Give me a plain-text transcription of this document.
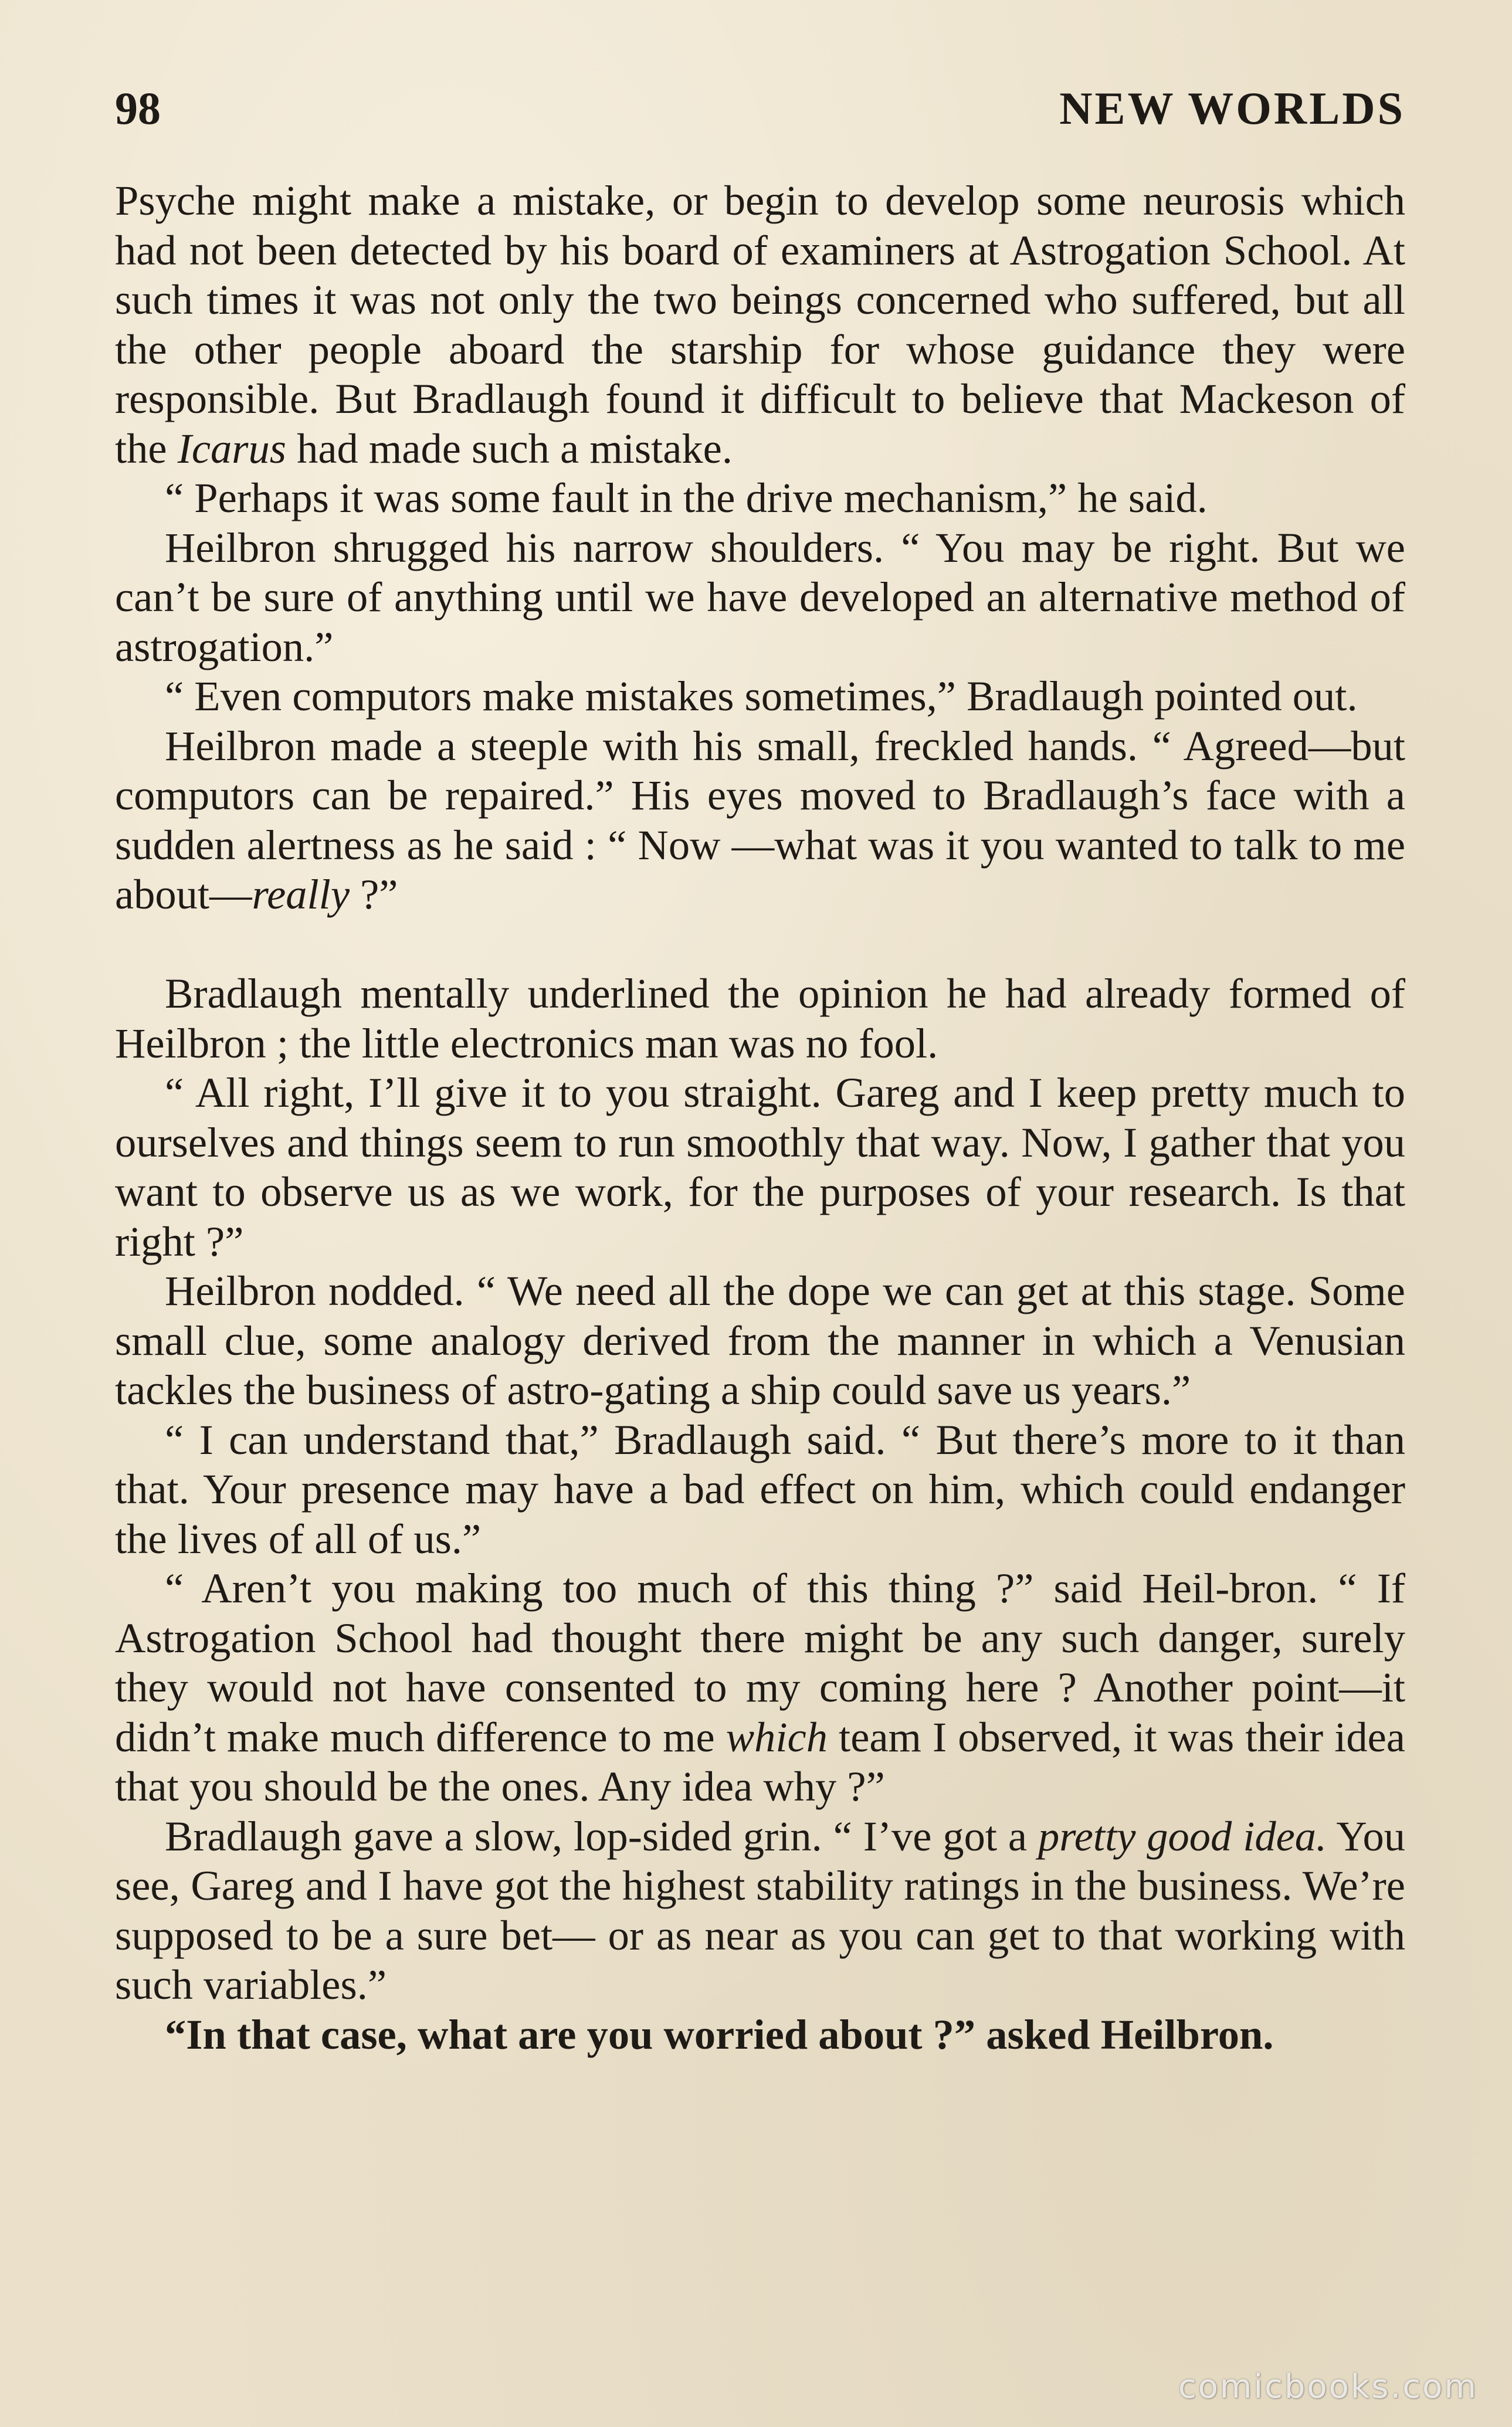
98	NEW WORLDS

Psyche might make a mistake, or begin to develop some neurosis which had not been detected by his board of examiners at Astrogation School. At such times it was not only the two beings concerned who suffered, but all the other people aboard the starship for whose guidance they were responsible. But Bradlaugh found it difficult to believe that Mackeson of the Icarus had made such a mistake.

“ Perhaps it was some fault in the drive mechanism,” he said.

Heilbron shrugged his narrow shoulders. “ You may be right. But we can’t be sure of anything until we have developed an alternative method of astrogation.”

“ Even computors make mistakes sometimes,” Bradlaugh pointed out.

Heilbron made a steeple with his small, freckled hands. “ Agreed—but computors can be repaired.” His eyes moved to Bradlaugh’s face with a sudden alertness as he said : “ Now —what was it you wanted to talk to me about—really ?”

Bradlaugh mentally underlined the opinion he had already formed of Heilbron ; the little electronics man was no fool.

“ All right, I’ll give it to you straight. Gareg and I keep pretty much to ourselves and things seem to run smoothly that way. Now, I gather that you want to observe us as we work, for the purposes of your research. Is that right ?”

Heilbron nodded. “ We need all the dope we can get at this stage. Some small clue, some analogy derived from the manner in which a Venusian tackles the business of astro-gating a ship could save us years.”

“ I can understand that,” Bradlaugh said. “ But there’s more to it than that. Your presence may have a bad effect on him, which could endanger the lives of all of us.”

“ Aren’t you making too much of this thing ?” said Heil-bron. “ If Astrogation School had thought there might be any such danger, surely they would not have consented to my coming here ? Another point—it didn’t make much difference to me which team I observed, it was their idea that you should be the ones. Any idea why ?”

Bradlaugh gave a slow, lop-sided grin. “ I’ve got a pretty good idea. You see, Gareg and I have got the highest stability ratings in the business. We’re supposed to be a sure bet— or as near as you can get to that working with such variables.”

“In that case, what are you worried about ?” asked Heilbron.

comicbooks.com
